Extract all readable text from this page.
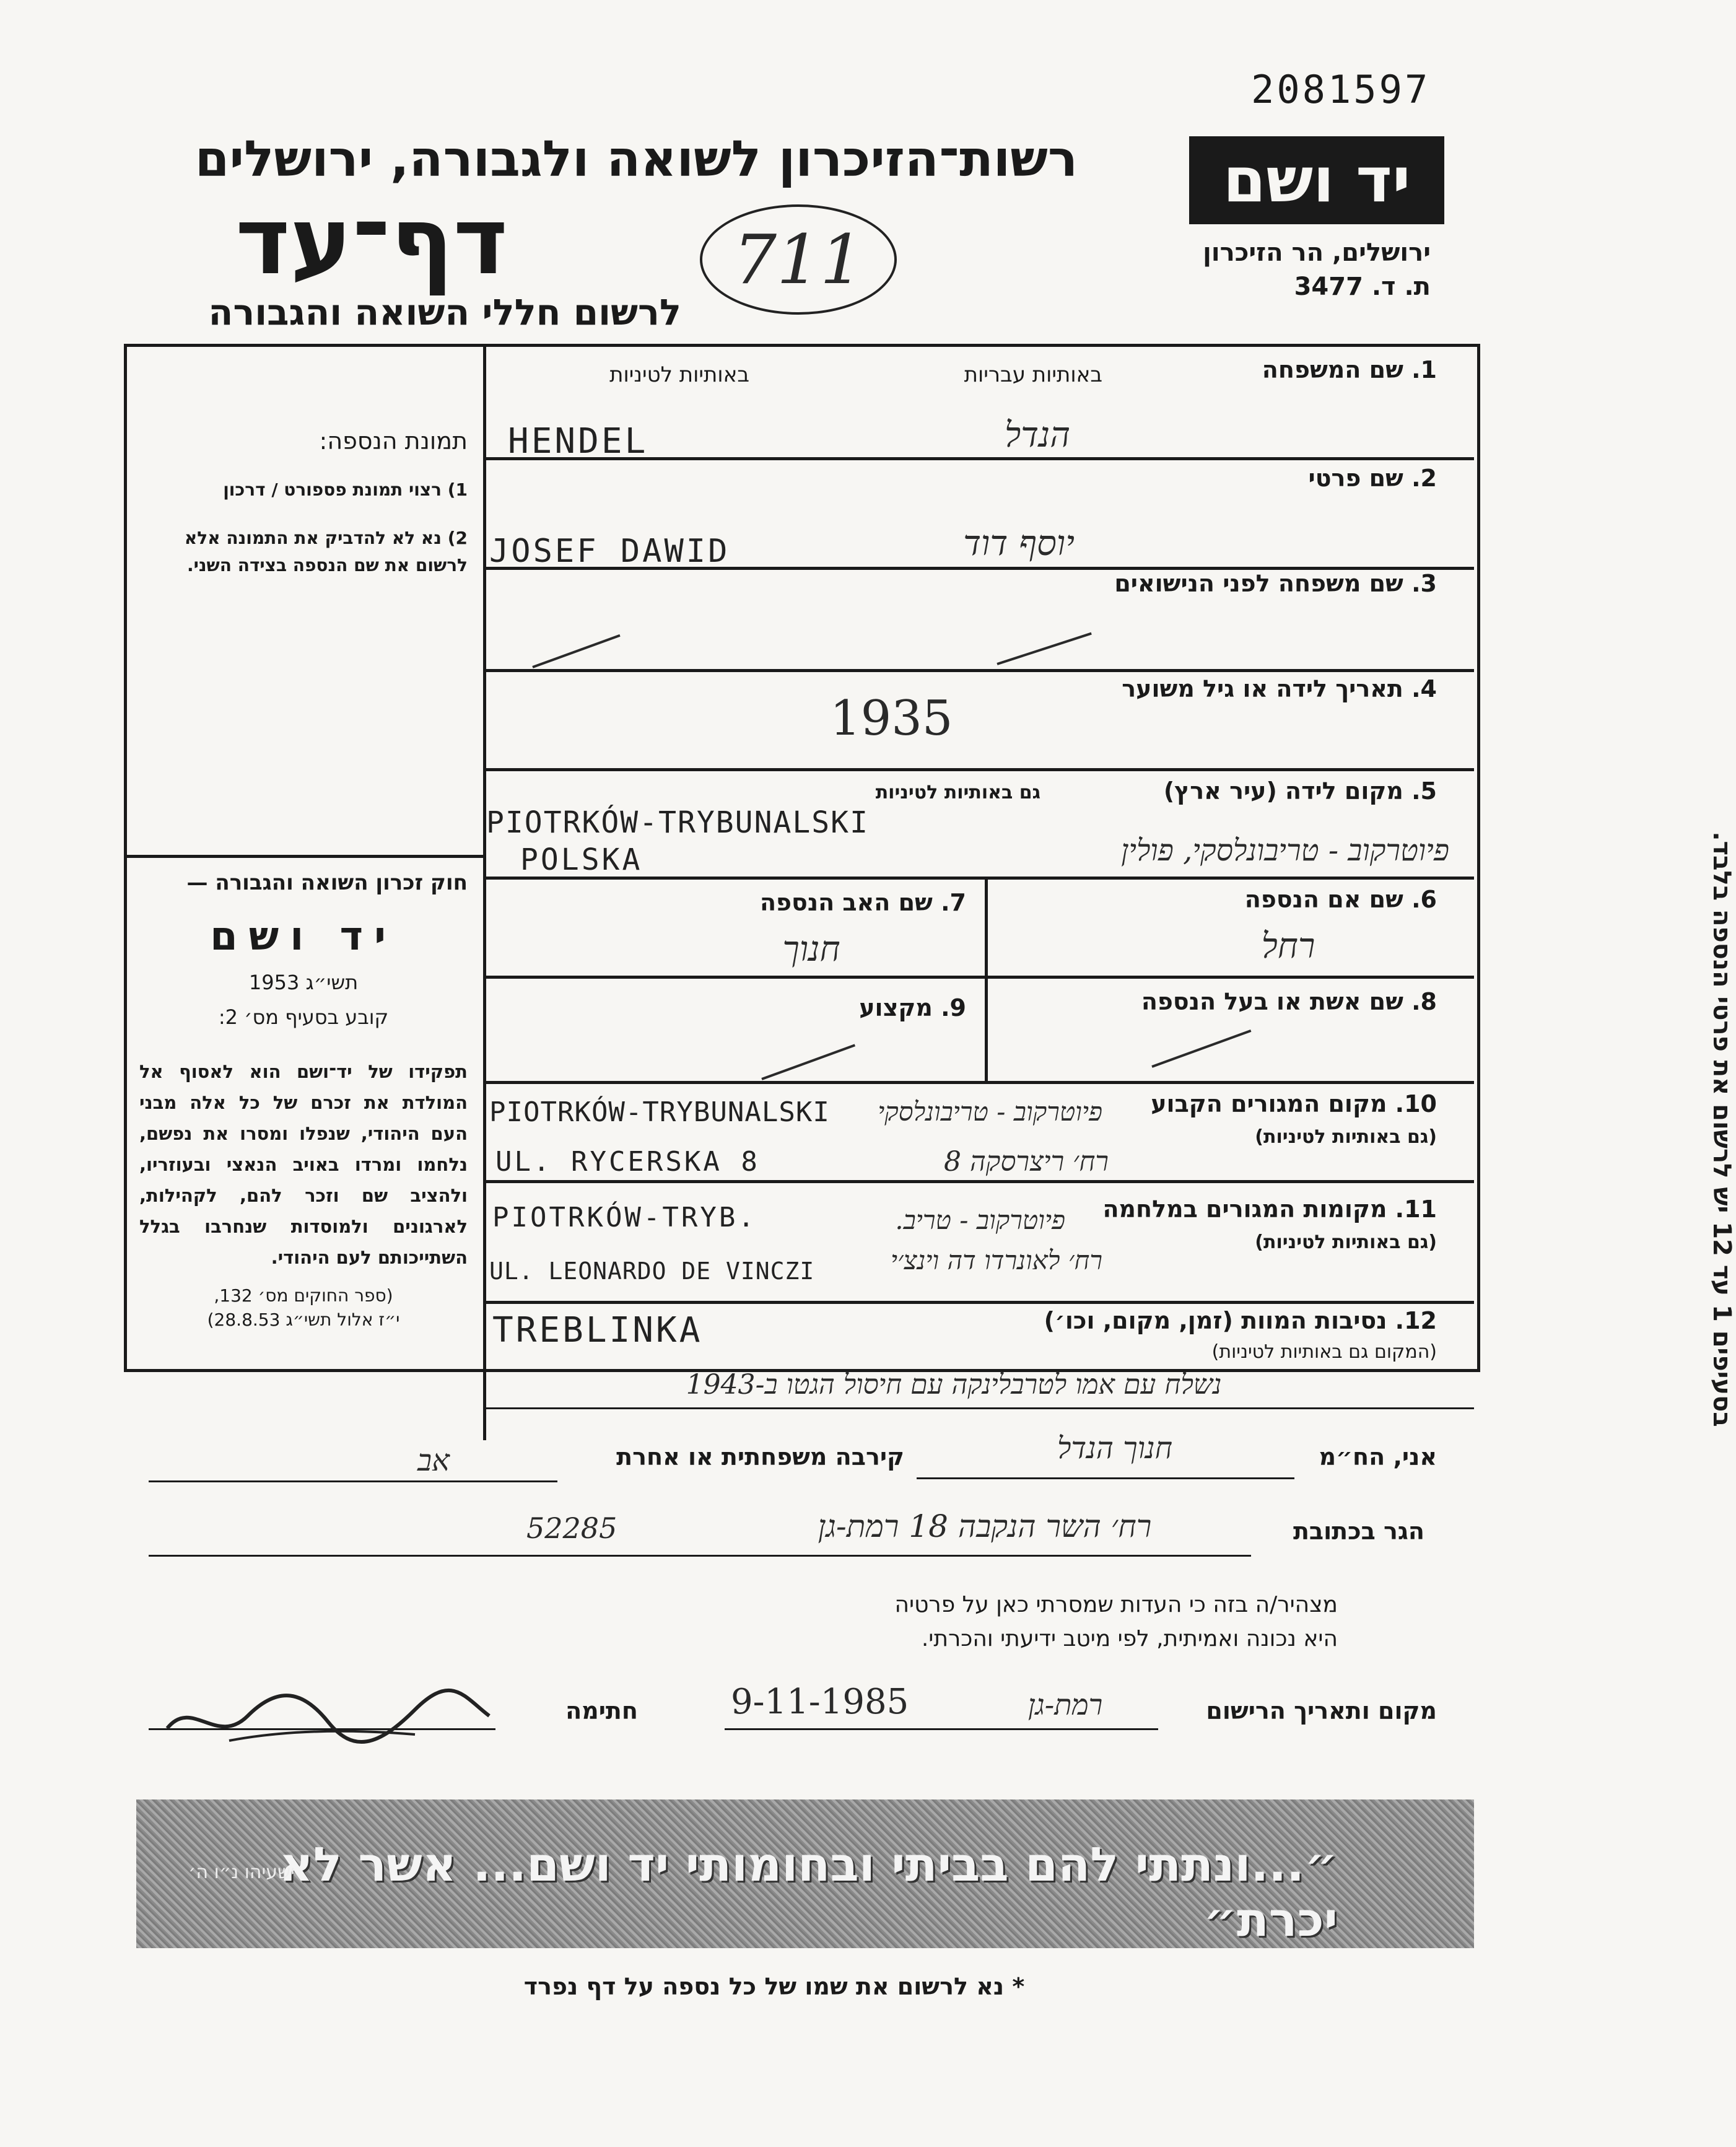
2081597
רשות־הזיכרון לשואה ולגבורה, ירושלים
דף־עד
לרשום חללי השואה והגבורה
711
יד ושם
ירושלים, הר הזיכרון
ת. ד. 3477
תמונת הנספה:
1) רצוי תמונת פספורט / דרכון
2) נא לא להדביק את התמונה אלא לרשום את שם הנספה בצידה השני.
חוק זכרון השואה והגבורה —
יד ושם
תשי״ג 1953
קובע בסעיף מס׳ 2:
תפקידו של יד־ושם הוא לאסוף אל המולדת את זכרם של כל אלה מבני העם היהודי, שנפלו ומסרו את נפשם, נלחמו ומרדו באויב הנאצי ובעוזריו, ולהציב שם וזכר להם, לקהילות, לארגונים ולמוסדות שנחרבו בגלל השתייכותם לעם היהודי.
(ספר החוקים מס׳ 132,
י״ז אלול תשי״ג 28.8.53)
באותיות עבריות
באותיות לטיניות	1. שם המשפחה
HENDEL	הנדל
2. שם פרטי
JOSEF DAWID	יוסף דוד
3. שם משפחה לפני הנישואים
4. תאריך לידה או גיל משוער
1935
5. מקום לידה (עיר ארץ)
גם באותיות לטיניות
PIOTRKÓW-TRYBUNALSKI
POLSKA	פיוטרקוב - טריבונלסקי, פולין
6. שם אם הנספה
רחל
7. שם האב הנספה
חנוך
8. שם אשת או בעל הנספה
9. מקצוע
10. מקום המגורים הקבוע
(גם באותיות לטיניות)
PIOTRKÓW-TRYBUNALSKI
UL. RYCERSKA 8
פיוטרקוב - טריבונלסקי
רח׳ ריצרסקה 8
11. מקומות המגורים במלחמה
(גם באותיות לטיניות)
PIOTRKÓW-TRYB.
UL. LEONARDO DE VINCZI
פיוטרקוב - טריב.
רח׳ לאונרדו דה וינצ׳י
12. נסיבות המוות (זמן, מקום, וכו׳)
(המקום גם באותיות לטיניות)
TREBLINKA
נשלח עם אמו לטרבלינקה עם חיסול הגטו ב-1943
בסעיפים 1 עד 12 יש לרשום את פרטי הנספה בלבד.
אני, הח״מ
חנוך הנדל
קירבה משפחתית או אחרת
אב
הגר בכתובת
רח׳ השר הנקבה 18 רמת-גן
52285
מצהיר/ה בזה כי העדות שמסרתי כאן על פרטיה
היא נכונה ואמיתית, לפי מיטב ידיעתי והכרתי.
מקום ותאריך הרישום
רמת-גן
9-11-1985
חתימה
״...ונתתי להם בביתי ובחומותי יד ושם... אשר לא יכרת״
ישעיהו נ״ו ה׳
* נא לרשום את שמו של כל נספה על דף נפרד
